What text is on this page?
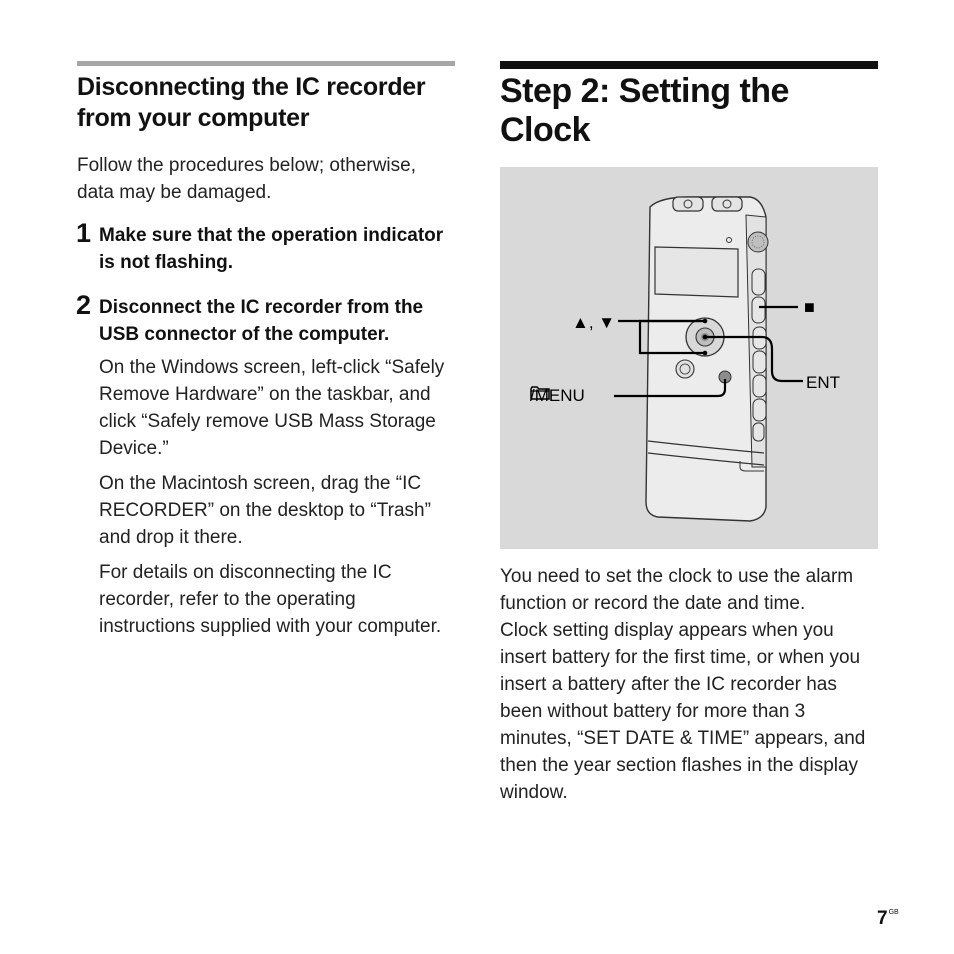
Disconnecting the IC recorder from your computer
Follow the procedures below; otherwise, data may be damaged.
1 Make sure that the operation indicator is not flashing.
2 Disconnect the IC recorder from the USB connector of the computer.
On the Windows screen, left-click “Safely Remove Hardware” on the taskbar, and click “Safely remove USB Mass Storage Device.”
On the Macintosh screen, drag the “IC RECORDER” on the desktop to “Trash” and drop it there.
For details on disconnecting the IC recorder, refer to the operating instructions supplied with your computer.
Step 2: Setting the Clock
▲, ▼
■
ENT
/MENU

You need to set the clock to use the alarm function or record the date and time.

Clock setting display appears when you insert battery for the first time, or when you insert a battery after the IC recorder has been without battery for more than 3 minutes, “SET DATE & TIME” appears, and then the year section flashes in the display window.

$7^{GB}$
